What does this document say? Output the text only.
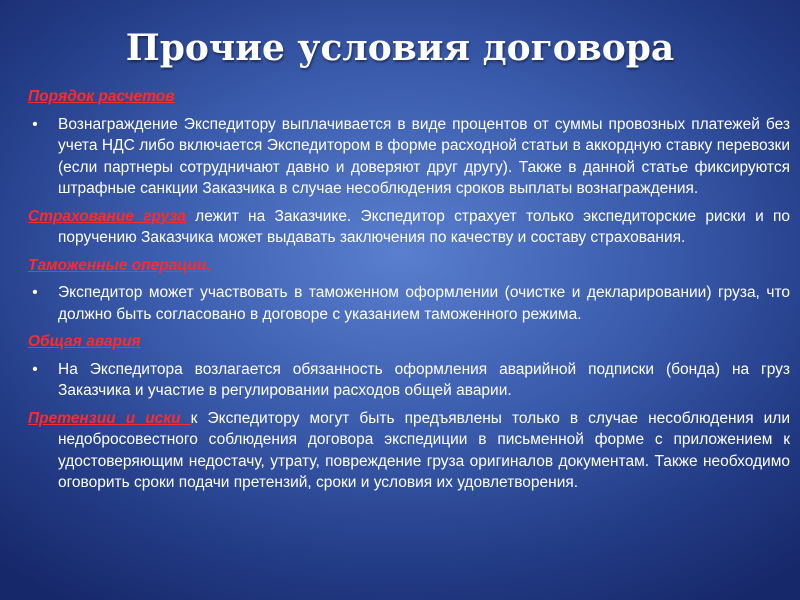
Прочие условия договора

Порядок расчетов

• Вознаграждение Экспедитору выплачивается в виде процентов от суммы провозных платежей без учета НДС либо включается Экспедитором в форме расходной статьи в аккордную ставку перевозки (если партнеры сотрудничают давно и доверяют друг другу). Также в данной статье фиксируются штрафные санкции Заказчика в случае несоблюдения сроков выплаты вознаграждения.

Страхование груза лежит на Заказчике. Экспедитор страхует только экспедиторские риски и по поручению Заказчика может выдавать заключения по качеству и составу страхования.

Таможенные операции.

• Экспедитор может участвовать в таможенном оформлении (очистке и декларировании) груза, что должно быть согласовано в договоре с указанием таможенного режима.

Общая авария

• На Экспедитора возлагается обязанность оформления аварийной подписки (бонда) на груз Заказчика и участие в регулировании расходов общей аварии.

Претензии и иски к Экспедитору могут быть предъявлены только в случае несоблюдения или недобросовестного соблюдения договора экспедиции в письменной форме с приложением к удостоверяющим недостачу, утрату, повреждение груза оригиналов документам. Также необходимо оговорить сроки подачи претензий, сроки и условия их удовлетворения.
